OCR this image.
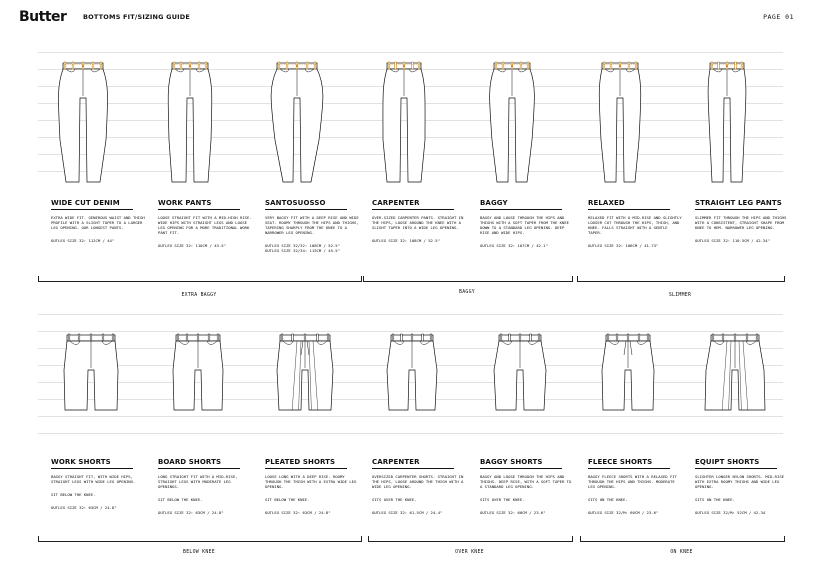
Butter	BOTTOMS FIT/SIZING GUIDE	PAGE 01
WIDE CUT DENIM
EXTRA WIDE FIT. GENEROUS WAIST AND THIGH PROFILE WITH A SLIGHT TAPER TO A LARGER LEG OPENING. OUR LONGEST PANTS.
OUTLEG SIZE 32: 112CM / 44"
WORK PANTS
LOOSE STRAIGHT FIT WITH A MID-HIGH RISE. WIDE HIPS WITH STRAIGHT LEGS AND LOOSE LEG OPENING FOR A MORE TRADITIONAL WORK PANT FIT.
OUTLEG SIZE 32: 110CM / 43.5"
SANTOSUOSSO
VERY BAGGY FIT WITH A DEEP RISE AND WIDE SEAT. ROOMY THROUGH THE HIPS AND THIGHS, TAPERING SHARPLY FROM THE KNEE TO A NARROWER LEG OPENING.
OUTLEG SIZE 32/32: 108CM / 52.5"
OUTLEG SIZE 32/34: 115CM / 45.5"
CARPENTER
OVER-SIZED CARPENTER PANTS. STRAIGHT IN THE HIPS, LOOSE AROUND THE KNEE WITH A SLIGHT TAPER INTO A WIDE LEG OPENING.
OUTLEG SIZE 32: 108CM / 52.5"
BAGGY
BAGGY AND LOOSE THROUGH THE HIPS AND THIGHS WITH A SOFT TAPER FROM THE KNEE DOWN TO A STANDARD LEG OPENING. DEEP RISE AND WIDE HIPS.
OUTLEG SIZE 32: 107CM / 42.1"
RELAXED
RELAXED FIT WITH A MID-RISE AND SLIGHTLY LOOSER CUT THROUGH THE HIPS, THIGH, AND KNEE. FALLS STRAIGHT WITH A GENTLE TAPER.
OUTLEG SIZE 32: 106CM / 41.73"
STRAIGHT LEG PANTS
SLIMMER FIT THROUGH THE HIPS AND THIGHS WITH A CONSISTENT, STRAIGHT SHAPE FROM KNEE TO HEM. NARROWER LEG OPENING.
OUTLEG SIZE 32: 110.5CM / 42.34"
WORK SHORTS
BAGGY STRAIGHT FIT, WITH WIDE HIPS, STRAIGHT LEGS WITH WIDE LEG OPENING.
SIT BELOW THE KNEE.
OUTLEG SIZE 32: 63CM / 24.8"
BOARD SHORTS
LONG STRAIGHT FIT WITH A MID-RISE, STRAIGHT LEGS WITH MODERATE LEG OPENINGS.
SIT BELOW THE KNEE.
OUTLEG SIZE 32: 63CM / 24.8"
PLEATED SHORTS
LOOSE LONG WITH A DEEP RISE. ROOMY THROUGH THE THIGH WITH A EXTRA WIDE LEG OPENING.
SIT BELOW THE KNEE.
OUTLEG SIZE 32: 63CM / 24.8"
CARPENTER
OVERSIZED CARPENTER SHORTS. STRAIGHT IN THE HIPS, LOOSE AROUND THE THIGH WITH A WIDE LEG OPENING.
SITS OVER THE KNEE.
OUTLEG SIZE 32: 61.5CM / 24.4"
BAGGY SHORTS
BAGGY AND LOOSE THROUGH THE HIPS AND THIGHS. DEEP RISE, WITH A SOFT TAPER TO A STANDARD LEG OPENING.
SITS OVER THE KNEE.
OUTLEG SIZE 32: 60CM / 23.6"
FLEECE SHORTS
BAGGY FLEECE SHORTS WITH A RELAXED FIT THROUGH THE HIPS AND THIGHS. MODERATE LEG OPENING.
SITS ON THE KNEE.
OUTLEG SIZE 32/M: 60CM / 23.6"
EQUIPT SHORTS
SLIGHTER LONGER NYLON SHORTS. MID-RISE WITH EXTRA ROOMY THIGHS AND WIDE LEG OPENING.
SITS ON THE KNEE.
OUTLEG SIZE 32/M: 52CM / 42.34
EXTRA BAGGY
BAGGY
SLIMMER
BELOW KNEE	OVER KNEE	ON KNEE
